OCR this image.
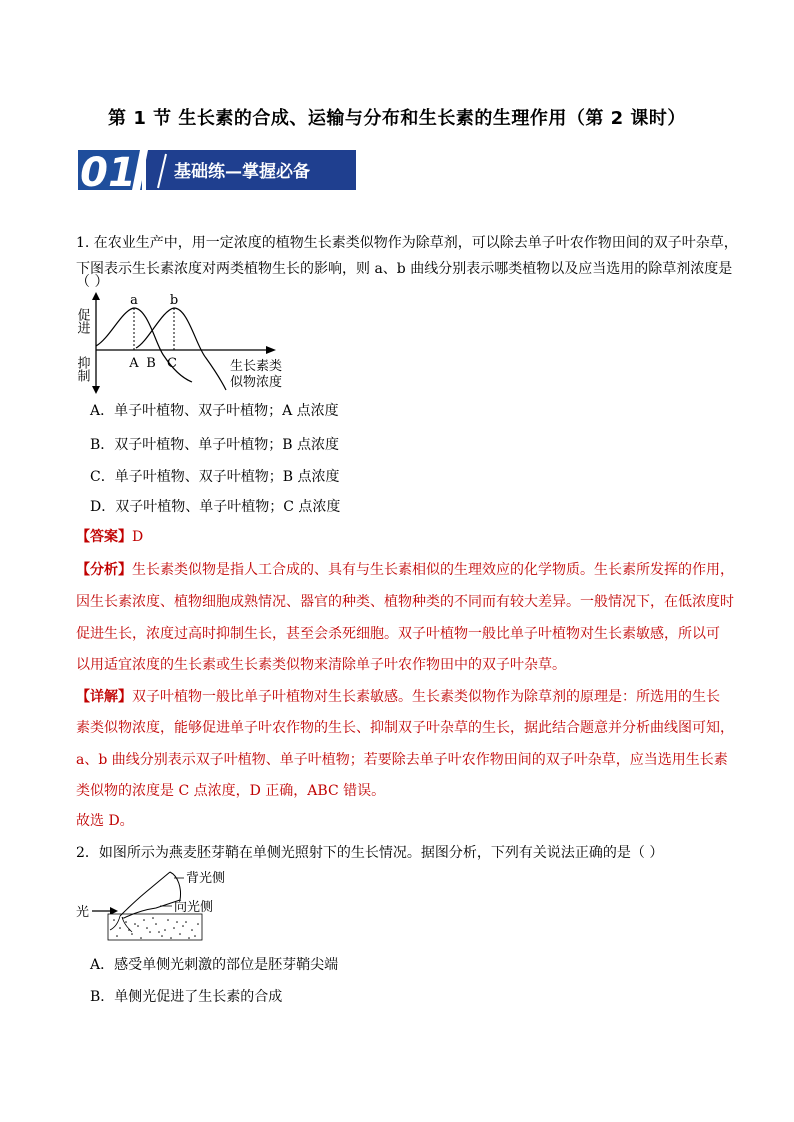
第 1 节 生长素的合成、运输与分布和生长素的生理作用（第 2 课时）
01 基础练—掌握必备
1. 在农业生产中，用一定浓度的植物生长素类似物作为除草剂，可以除去单子叶农作物田间的双子叶杂草，
下图表示生长素浓度对两类植物生长的影响，则 a、b 曲线分别表示哪类植物以及应当选用的除草剂浓度是
（ ）
a b
A B C
促进
抑制	生长素类
似物浓度
A．单子叶植物、双子叶植物；A 点浓度
B．双子叶植物、单子叶植物；B 点浓度
C．单子叶植物、双子叶植物；B 点浓度
D．双子叶植物、单子叶植物；C 点浓度
【答案】D
【分析】生长素类似物是指人工合成的、具有与生长素相似的生理效应的化学物质。生长素所发挥的作用，
因生长素浓度、植物细胞成熟情况、器官的种类、植物种类的不同而有较大差异。一般情况下，在低浓度时
促进生长，浓度过高时抑制生长，甚至会杀死细胞。双子叶植物一般比单子叶植物对生长素敏感，所以可
以用适宜浓度的生长素或生长素类似物来清除单子叶农作物田中的双子叶杂草。
【详解】双子叶植物一般比单子叶植物对生长素敏感。生长素类似物作为除草剂的原理是：所选用的生长
素类似物浓度，能够促进单子叶农作物的生长、抑制双子叶杂草的生长，据此结合题意并分析曲线图可知，
a、b 曲线分别表示双子叶植物、单子叶植物；若要除去单子叶农作物田间的双子叶杂草，应当选用生长素
类似物的浓度是 C 点浓度，D 正确，ABC 错误。
故选 D。
2．如图所示为燕麦胚芽鞘在单侧光照射下的生长情况。据图分析，下列有关说法正确的是（ ）
光
背光侧
向光侧
A．感受单侧光刺激的部位是胚芽鞘尖端
B．单侧光促进了生长素的合成
